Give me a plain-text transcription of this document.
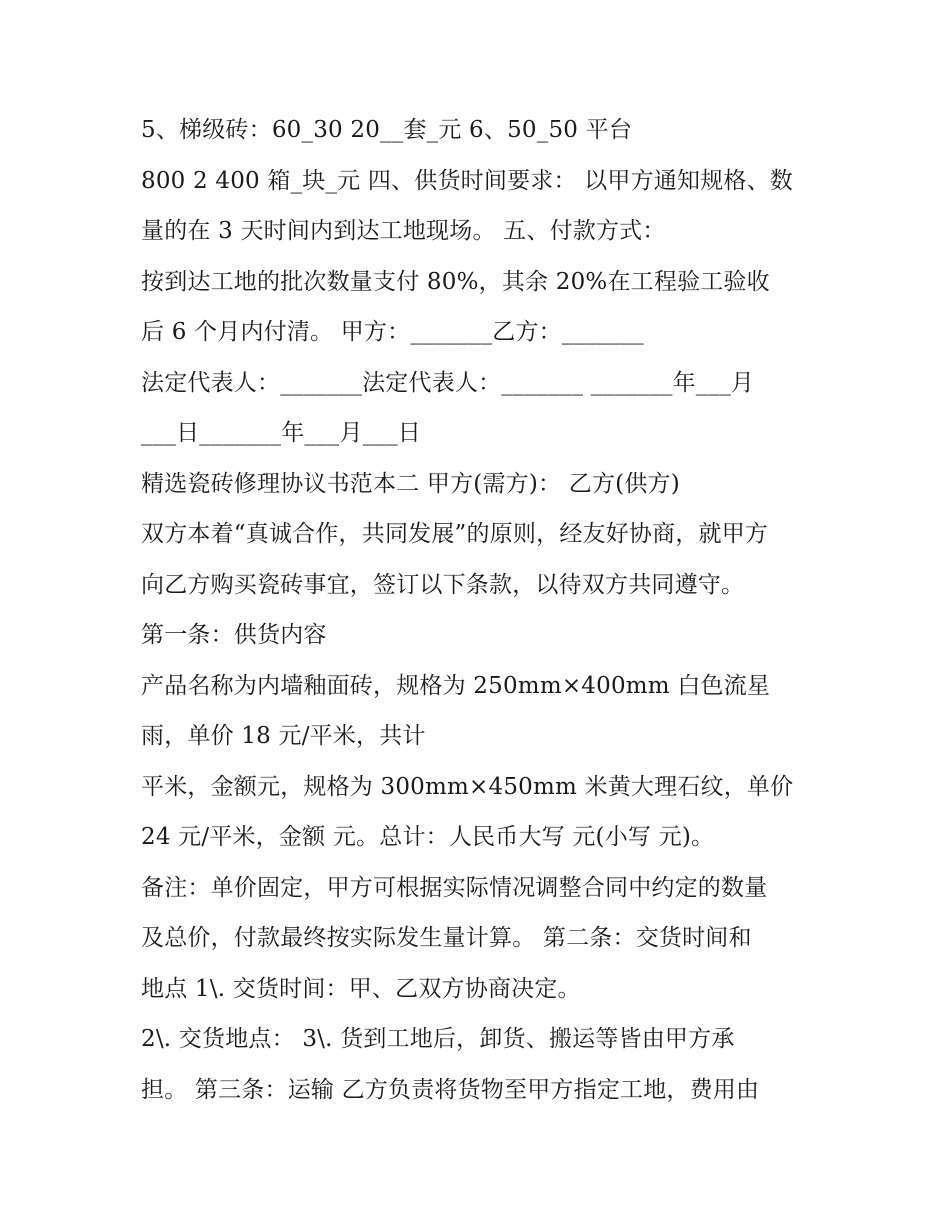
5、梯级砖：60_30 20__套_元 6、50_50 平台
800 2 400 箱_块_元 四、供货时间要求： 以甲方通知规格、数
量的在 3 天时间内到达工地现场。 五、付款方式：
按到达工地的批次数量支付 80%，其余 20%在工程验工验收
后 6 个月内付清。 甲方：_______乙方：_______
法定代表人：_______法定代表人：_______ _______年___月
___日_______年___月___日
精选瓷砖修理协议书范本二 甲方(需方)： 乙方(供方)
双方本着“真诚合作，共同发展”的原则，经友好协商，就甲方
向乙方购买瓷砖事宜，签订以下条款，以待双方共同遵守。
第一条：供货内容
产品名称为内墙釉面砖，规格为 250mm×400mm 白色流星
雨，单价 18 元/平米，共计
平米，金额元，规格为 300mm×450mm 米黄大理石纹，单价
24 元/平米，金额 元。总计：人民币大写 元(小写 元)。
备注：单价固定，甲方可根据实际情况调整合同中约定的数量
及总价，付款最终按实际发生量计算。 第二条：交货时间和
地点 1\. 交货时间：甲、乙双方协商决定。
2\. 交货地点： 3\. 货到工地后，卸货、搬运等皆由甲方承
担。 第三条：运输 乙方负责将货物至甲方指定工地，费用由
